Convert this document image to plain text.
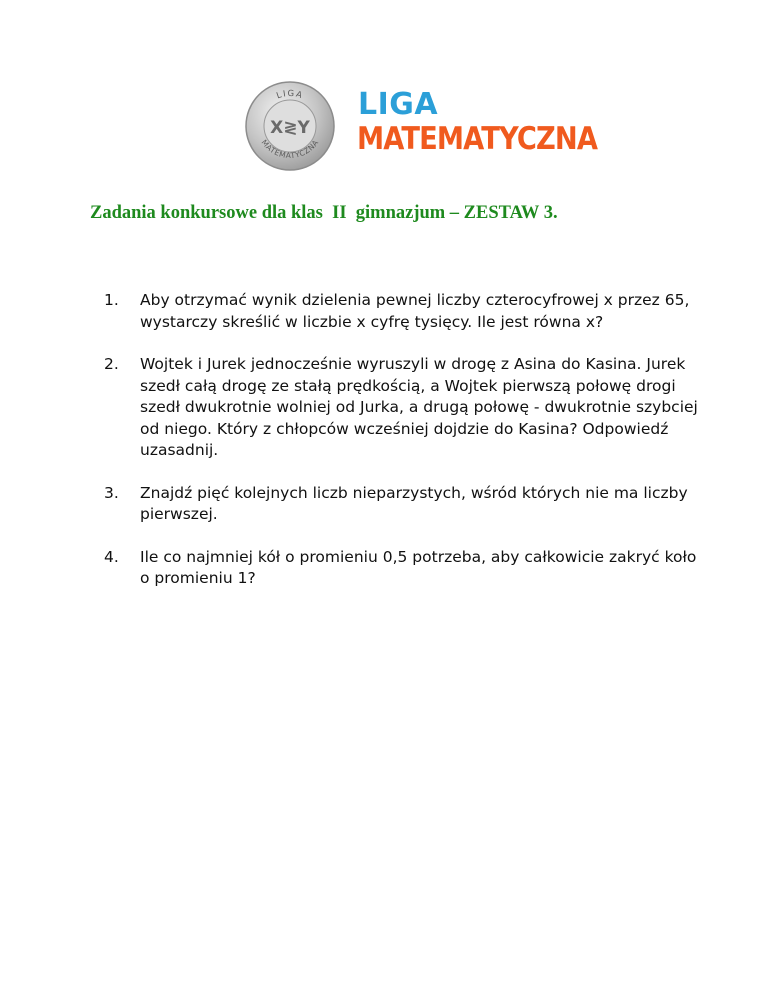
LIGA
MATEMATYCZNA
X≷Y
LIGA
MATEMATYCZNA
Zadania konkursowe dla klas  II  gimnazjum – ZESTAW 3.
1.	Aby otrzymać wynik dzielenia pewnej liczby czterocyfrowej x przez 65, wystarczy skreślić w liczbie x cyfrę tysięcy. Ile jest równa x?
2.	Wojtek i Jurek jednocześnie wyruszyli w drogę z Asina do Kasina. Jurek szedł całą drogę ze stałą prędkością, a Wojtek pierwszą połowę drogi szedł dwukrotnie wolniej od Jurka, a drugą połowę - dwukrotnie szybciej od niego. Który z chłopców wcześniej dojdzie do Kasina? Odpowiedź uzasadnij.
3.	Znajdź pięć kolejnych liczb nieparzystych, wśród których nie ma liczby pierwszej.
4.	Ile co najmniej kół o promieniu 0,5 potrzeba, aby całkowicie zakryć koło o promieniu 1?
